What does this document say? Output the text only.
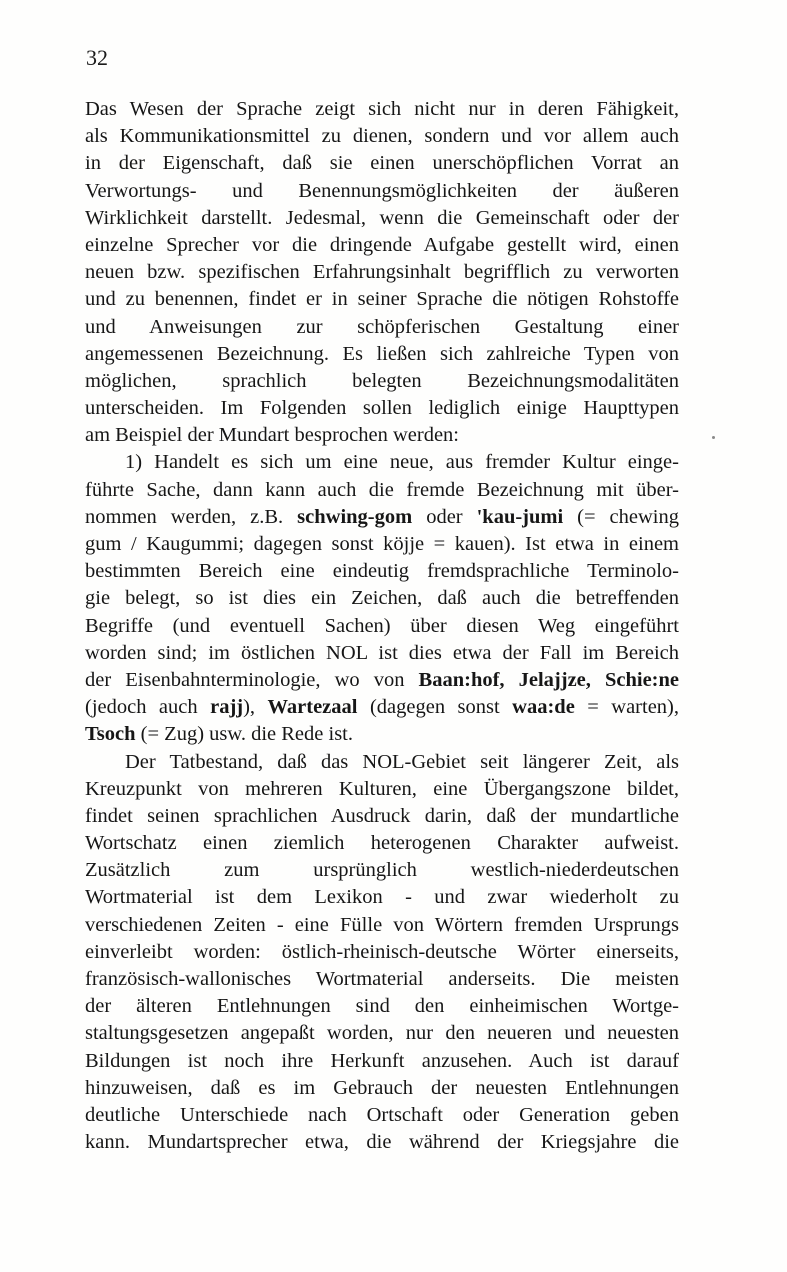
32
Das Wesen der Sprache zeigt sich nicht nur in deren Fähigkeit,
als Kommunikationsmittel zu dienen, sondern und vor allem auch
in der Eigenschaft, daß sie einen unerschöpflichen Vorrat an
Verwortungs- und Benennungsmöglichkeiten der äußeren
Wirklichkeit darstellt. Jedesmal, wenn die Gemeinschaft oder der
einzelne Sprecher vor die dringende Aufgabe gestellt wird, einen
neuen bzw. spezifischen Erfahrungsinhalt begrifflich zu verworten
und zu benennen, findet er in seiner Sprache die nötigen Rohstoffe
und Anweisungen zur schöpferischen Gestaltung einer
angemessenen Bezeichnung. Es ließen sich zahlreiche Typen von
möglichen, sprachlich belegten Bezeichnungsmodalitäten
unterscheiden. Im Folgenden sollen lediglich einige Haupttypen
am Beispiel der Mundart besprochen werden:
1) Handelt es sich um eine neue, aus fremder Kultur einge-
führte Sache, dann kann auch die fremde Bezeichnung mit über-
nommen werden, z.B. schwing-gom oder 'kau-jumi (= chewing
gum / Kaugummi; dagegen sonst köjje = kauen). Ist etwa in einem
bestimmten Bereich eine eindeutig fremdsprachliche Terminolo-
gie belegt, so ist dies ein Zeichen, daß auch die betreffenden
Begriffe (und eventuell Sachen) über diesen Weg eingeführt
worden sind; im östlichen NOL ist dies etwa der Fall im Bereich
der Eisenbahnterminologie, wo von Baan:hof, Jelajjze, Schie:ne
(jedoch auch rajj), Wartezaal (dagegen sonst waa:de = warten),
Tsoch (= Zug) usw. die Rede ist.
Der Tatbestand, daß das NOL-Gebiet seit längerer Zeit, als
Kreuzpunkt von mehreren Kulturen, eine Übergangszone bildet,
findet seinen sprachlichen Ausdruck darin, daß der mundartliche
Wortschatz einen ziemlich heterogenen Charakter aufweist.
Zusätzlich zum ursprünglich westlich-niederdeutschen
Wortmaterial ist dem Lexikon - und zwar wiederholt zu
verschiedenen Zeiten - eine Fülle von Wörtern fremden Ursprungs
einverleibt worden: östlich-rheinisch-deutsche Wörter einerseits,
französisch-wallonisches Wortmaterial anderseits. Die meisten
der älteren Entlehnungen sind den einheimischen Wortge-
staltungsgesetzen angepaßt worden, nur den neueren und neuesten
Bildungen ist noch ihre Herkunft anzusehen. Auch ist darauf
hinzuweisen, daß es im Gebrauch der neuesten Entlehnungen
deutliche Unterschiede nach Ortschaft oder Generation geben
kann. Mundartsprecher etwa, die während der Kriegsjahre die
